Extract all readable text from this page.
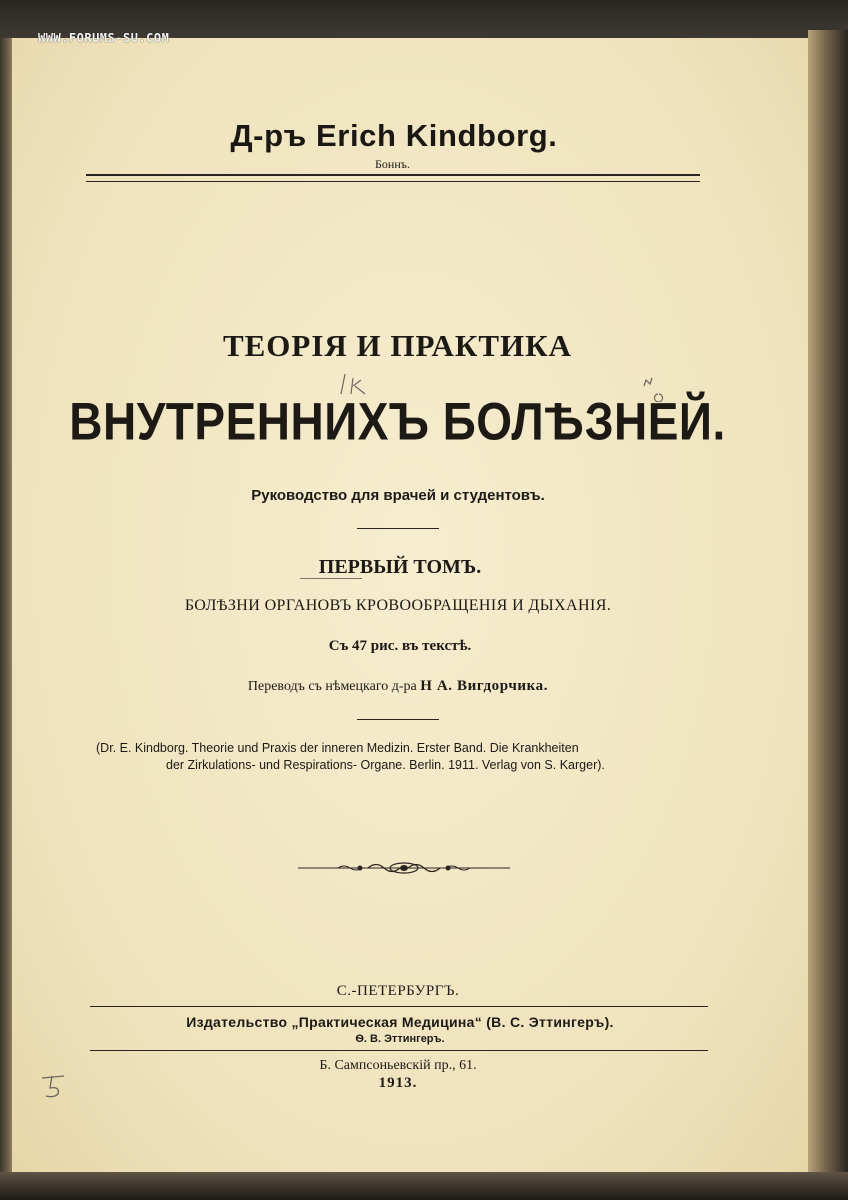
WWW.FORUMS-SU.COM
Д-ръ Erich Kindborg.
Боннъ.
ТЕОРІЯ И ПРАКТИКА
ВНУТРЕННИХЪ БОЛѢЗНЕЙ.
Руководство для врачей и студентовъ.
ПЕРВЫЙ ТОМЪ.
БОЛѢЗНИ ОРГАНОВЪ КРОВООБРАЩЕНІЯ И ДЫХАНІЯ.
Съ 47 рис. въ текстѣ.
Переводъ съ нѣмецкаго д-ра Н А. Вигдорчика.
(Dr. E. Kindborg. Theorie und Praxis der inneren Medizin. Erster Band. Die Krankheiten
der Zirkulations- und Respirations- Organe. Berlin. 1911. Verlag von S. Karger).
С.-ПЕТЕРБУРГЪ.
Издательство „Практическая Медицина“ (В. С. Эттингеръ).
Ѳ. В. Эттингеръ.
Б. Сампсоньевскій пр., 61.
1913.
